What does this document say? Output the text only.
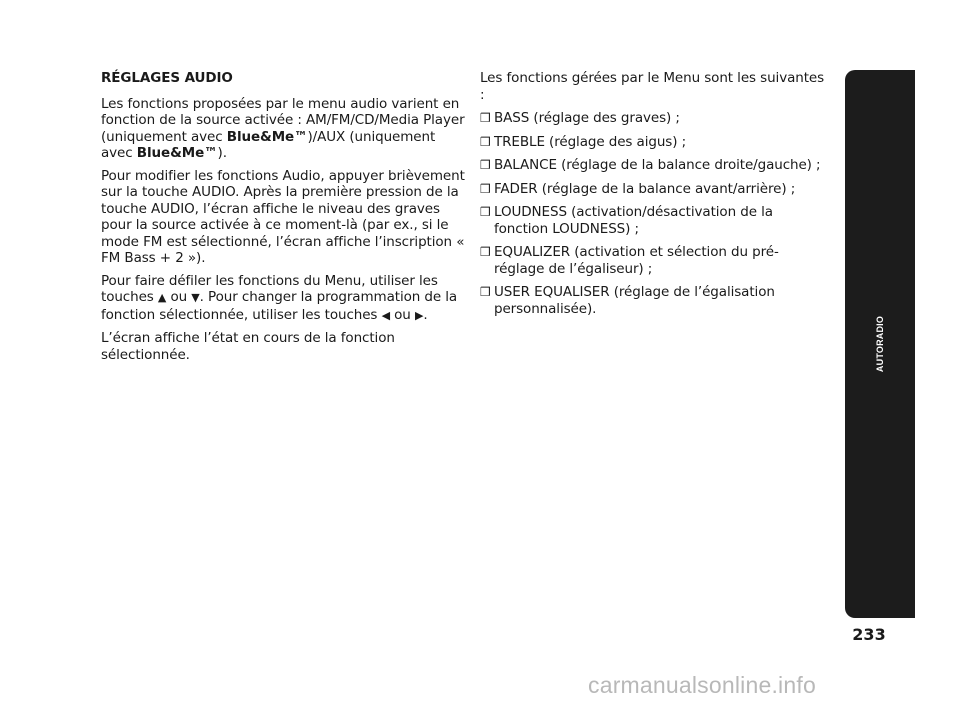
RÉGLAGES AUDIO

Les fonctions proposées par le menu audio varient en fonction de la source activée : AM/FM/CD/Media Player (uniquement avec Blue&Me™)/AUX (uniquement avec Blue&Me™).

Pour modifier les fonctions Audio, appuyer brièvement sur la touche AUDIO. Après la première pression de la touche AUDIO, l’écran affiche le niveau des graves pour la source activée à ce moment-là (par ex., si le mode FM est sélectionné, l’écran affiche l’inscription « FM Bass + 2 »).

Pour faire défiler les fonctions du Menu, utiliser les touches ▲ ou ▼. Pour changer la programmation de la fonction sélectionnée, utiliser les touches ◀ ou ▶.

L’écran affiche l’état en cours de la fonction sélectionnée.

Les fonctions gérées par le Menu sont les suivantes :

❒ BASS (réglage des graves) ;
❒ TREBLE (réglage des aigus) ;
❒ BALANCE (réglage de la balance droite/gauche) ;
❒ FADER (réglage de la balance avant/arrière) ;
❒ LOUDNESS (activation/désactivation de la fonction LOUDNESS) ;
❒ EQUALIZER (activation et sélection du pré-réglage de l’égaliseur) ;
❒ USER EQUALISER (réglage de l’égalisation personnalisée).
AUTORADIO
233
carmanualsonline.info
